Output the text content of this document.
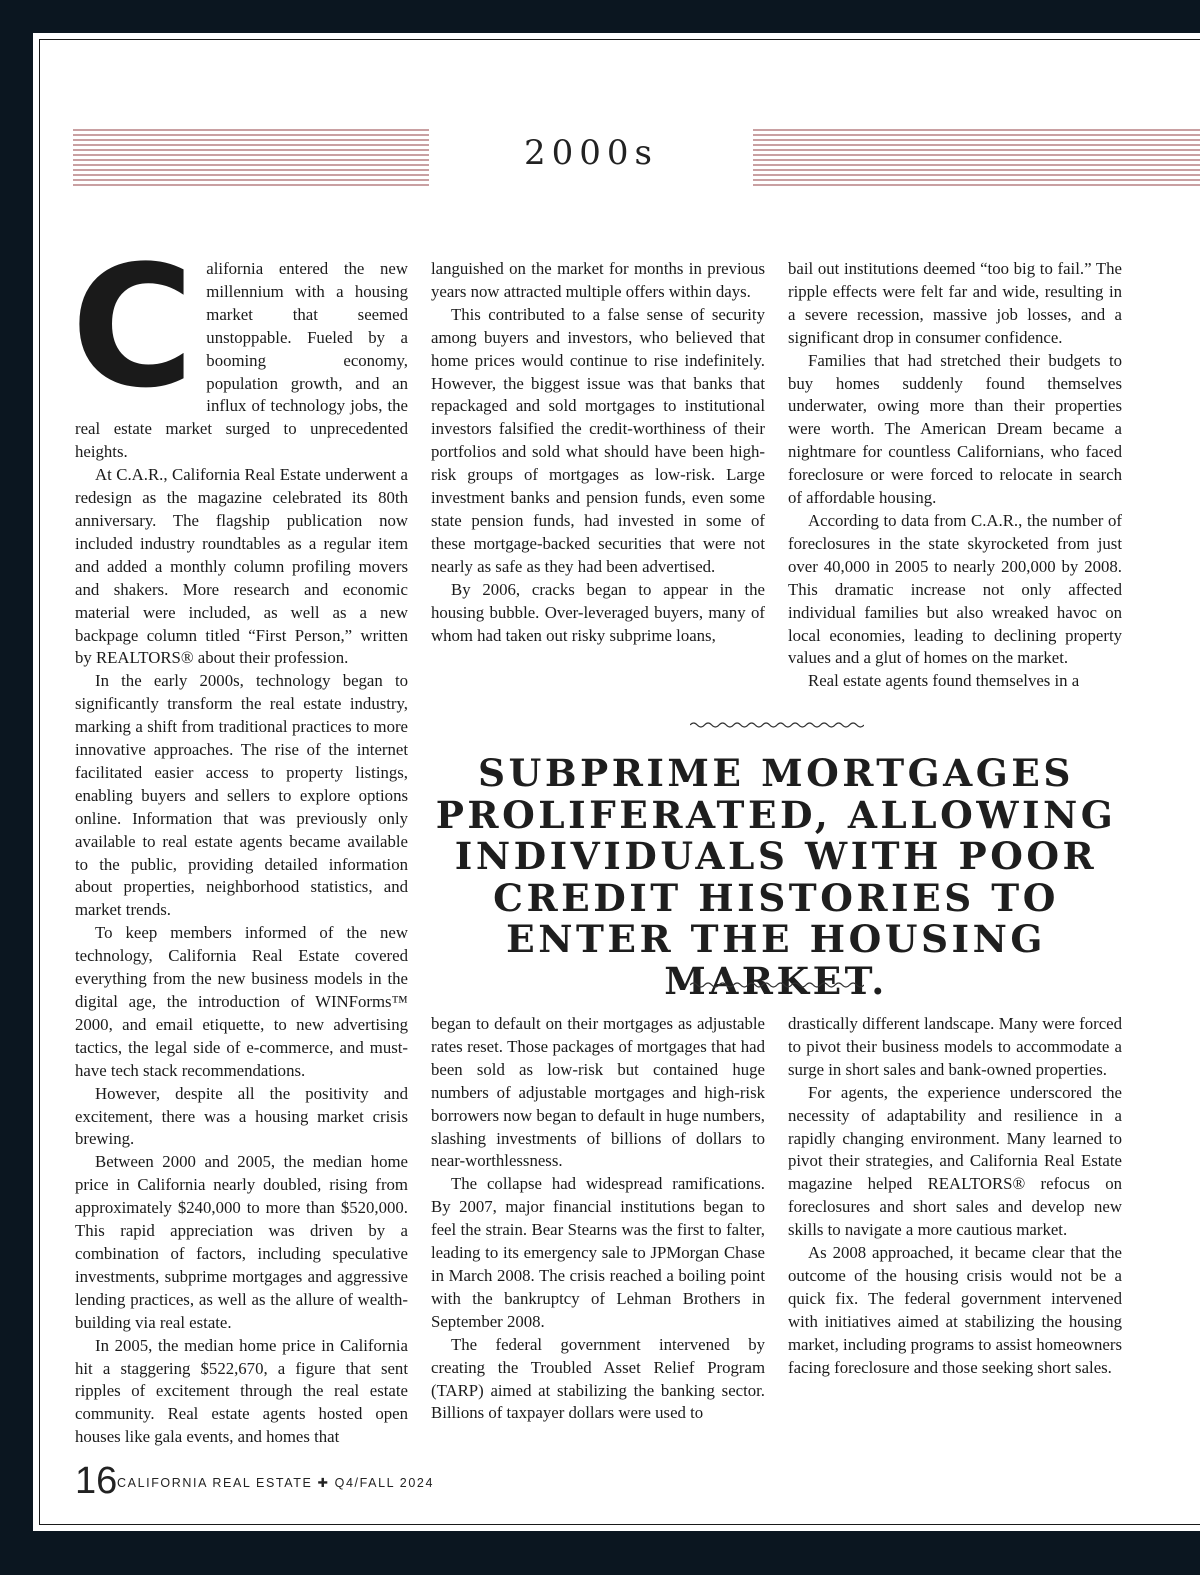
2000s
C alifornia entered the new millennium with a housing market that seemed unstoppable. Fueled by a booming economy, population growth, and an influx of technology jobs, the real estate market surged to unprecedented heights.

At C.A.R., California Real Estate underwent a redesign as the magazine celebrated its 80th anniversary. The flagship publication now included industry roundtables as a regular item and added a monthly column profiling movers and shakers. More research and economic material were included, as well as a new backpage column titled “First Person,” written by REALTORS® about their profession.

In the early 2000s, technology began to significantly transform the real estate industry, marking a shift from traditional practices to more innovative approaches. The rise of the internet facilitated easier access to property listings, enabling buyers and sellers to explore options online. Information that was previously only available to real estate agents became available to the public, providing detailed information about properties, neighborhood statistics, and market trends.

To keep members informed of the new technology, California Real Estate covered everything from the new business models in the digital age, the introduction of WINForms™ 2000, and email etiquette, to new advertising tactics, the legal side of e-commerce, and must-have tech stack recommendations.

However, despite all the positivity and excitement, there was a housing market crisis brewing.

Between 2000 and 2005, the median home price in California nearly doubled, rising from approximately $240,000 to more than $520,000. This rapid appreciation was driven by a combination of factors, including speculative investments, subprime mortgages and aggressive lending practices, as well as the allure of wealth-building via real estate.

In 2005, the median home price in California hit a staggering $522,670, a figure that sent ripples of excitement through the real estate community. Real estate agents hosted open houses like gala events, and homes that

languished on the market for months in previous years now attracted multiple offers within days.

This contributed to a false sense of security among buyers and investors, who believed that home prices would continue to rise indefinitely. However, the biggest issue was that banks that repackaged and sold mortgages to institutional investors falsified the credit-worthiness of their portfolios and sold what should have been high-risk groups of mortgages as low-risk. Large investment banks and pension funds, even some state pension funds, had invested in some of these mortgage-backed securities that were not nearly as safe as they had been advertised.

By 2006, cracks began to appear in the housing bubble. Over-leveraged buyers, many of whom had taken out risky subprime loans,

bail out institutions deemed “too big to fail.” The ripple effects were felt far and wide, resulting in a severe recession, massive job losses, and a significant drop in consumer confidence.

Families that had stretched their budgets to buy homes suddenly found themselves underwater, owing more than their properties were worth. The American Dream became a nightmare for countless Californians, who faced foreclosure or were forced to relocate in search of affordable housing.

According to data from C.A.R., the number of foreclosures in the state skyrocketed from just over 40,000 in 2005 to nearly 200,000 by 2008. This dramatic increase not only affected individual families but also wreaked havoc on local economies, leading to declining property values and a glut of homes on the market.

Real estate agents found themselves in a

SUBPRIME MORTGAGES PROLIFERATED, ALLOWING INDIVIDUALS WITH POOR CREDIT HISTORIES TO ENTER THE HOUSING MARKET.

began to default on their mortgages as adjustable rates reset. Those packages of mortgages that had been sold as low-risk but contained huge numbers of adjustable mortgages and high-risk borrowers now began to default in huge numbers, slashing investments of billions of dollars to near-worthlessness.

The collapse had widespread ramifications. By 2007, major financial institutions began to feel the strain. Bear Stearns was the first to falter, leading to its emergency sale to JPMorgan Chase in March 2008. The crisis reached a boiling point with the bankruptcy of Lehman Brothers in September 2008.

The federal government intervened by creating the Troubled Asset Relief Program (TARP) aimed at stabilizing the banking sector. Billions of taxpayer dollars were used to

drastically different landscape. Many were forced to pivot their business models to accommodate a surge in short sales and bank-owned properties.

For agents, the experience underscored the necessity of adaptability and resilience in a rapidly changing environment. Many learned to pivot their strategies, and California Real Estate magazine helped REALTORS® refocus on foreclosures and short sales and develop new skills to navigate a more cautious market.

As 2008 approached, it became clear that the outcome of the housing crisis would not be a quick fix. The federal government intervened with initiatives aimed at stabilizing the housing market, including programs to assist homeowners facing foreclosure and those seeking short sales.

16 CALIFORNIA REAL ESTATE ✚ Q4/FALL 2024
